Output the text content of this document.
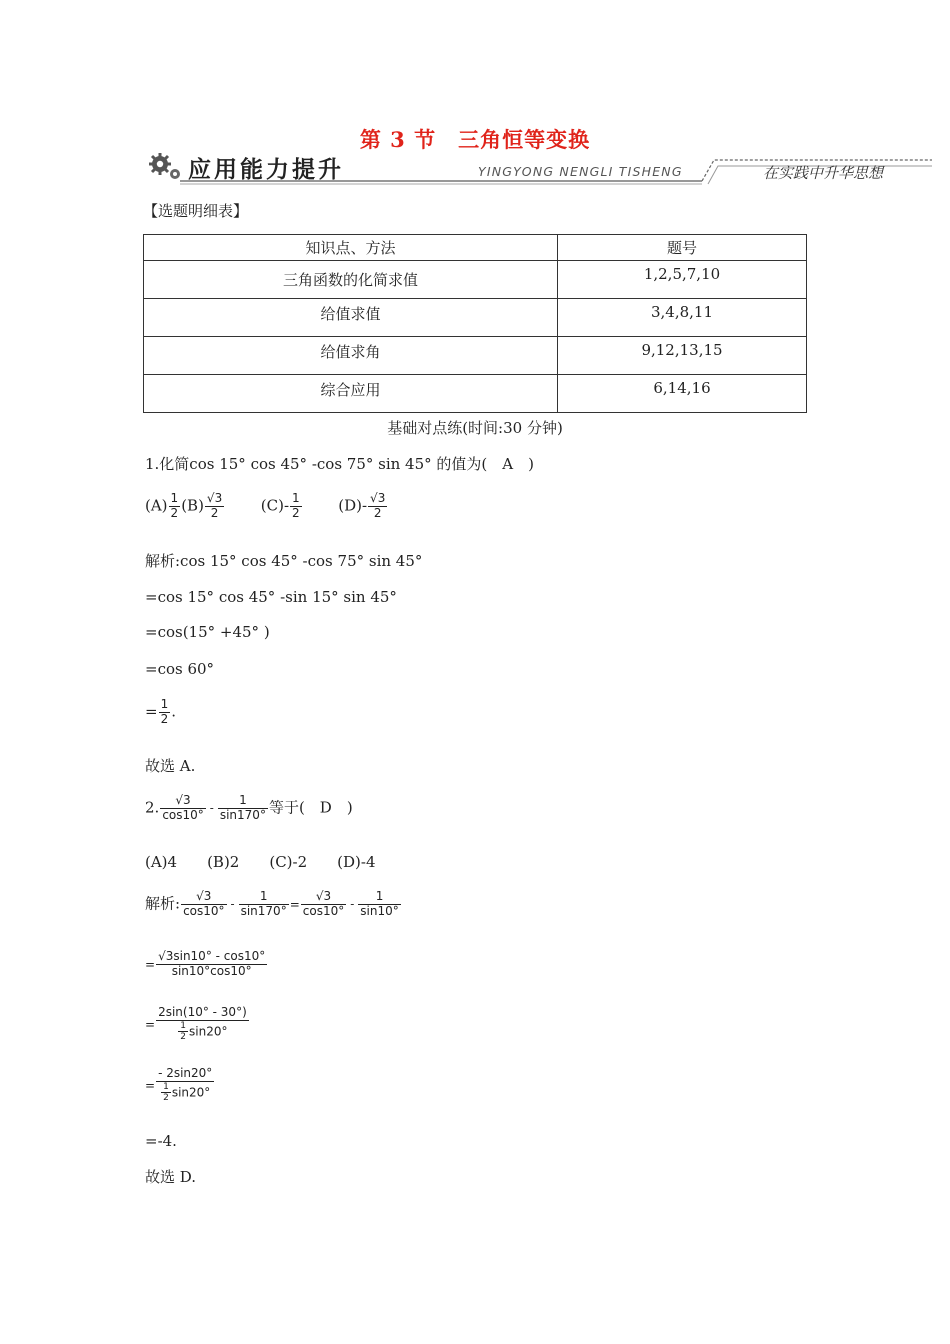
第 3 节　三角恒等变换
应用能力提升	YINGYONG NENGLI TISHENG	在实践中升华思想
【选题明细表】
知识点、方法	题号
三角函数的化简求值	1,2,5,7,10
给值求值	3,4,8,11
给值求角	9,12,13,15
综合应用	6,14,16
基础对点练(时间:30 分钟)
1.化简cos 15° cos 45° -cos 75° sin 45° 的值为(　A　)
$(A) \frac{1}{2} (B) \frac{√3}{2} (C)- \frac{1}{2} (D)- \frac{√3}{2}$
解析:cos 15° cos 45° -cos 75° sin 45°
=cos 15° cos 45° -sin 15° sin 45°
=cos(15° +45° )
=cos 60°
= $\frac{1}{2}$ .
故选 A.
2. $\frac{√3}{\cos 10^\circ} - \frac{1}{\sin 170^\circ}$ 等于(　D　)
(A)4　　(B)2　　(C)-2　　(D)-4
解析: $\frac{√3}{\cos 10^\circ} - \frac{1}{\sin 170^\circ} = \frac{√3}{\cos 10^\circ} - \frac{1}{\sin 10^\circ}$
= $\frac{√3\sin 10^\circ - \cos 10^\circ}{\sin 10^\circ\cos 10^\circ}$
= $\frac{2\sin(10^\circ - 30^\circ)}{\frac{1}{2} \sin 20^\circ}$
= $\frac{- 2\sin 20^\circ}{\frac{1}{2} \sin 20^\circ}$
=-4.
故选 D.
